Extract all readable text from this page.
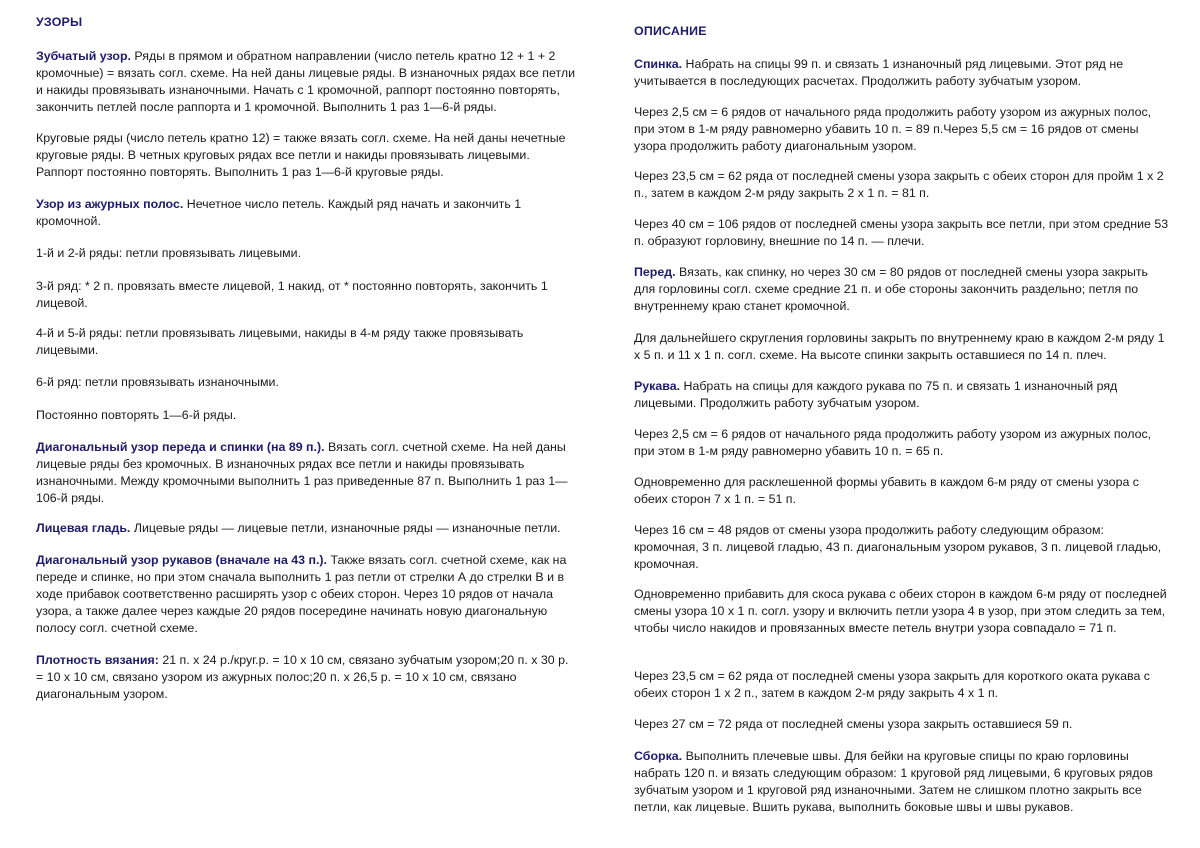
УЗОРЫ

Зубчатый узор. Ряды в прямом и обратном направлении (число петель кратно 12 + 1 + 2 кромочные) = вязать согл. схеме. На ней даны лицевые ряды. В изнаночных рядах все петли и накиды провязывать изнаночными. Начать с 1 кромочной, раппорт постоянно повторять, закончить петлей после раппорта и 1 кромочной. Выполнить 1 раз 1—6-й ряды.

Круговые ряды (число петель кратно 12) = также вязать согл. схеме. На ней даны нечетные круговые ряды. В четных круговых рядах все петли и накиды провязывать лицевыми. Раппорт постоянно повторять. Выполнить 1 раз 1—6-й круговые ряды.

Узор из ажурных полос. Нечетное число петель. Каждый ряд начать и закончить 1 кромочной.

1-й и 2-й ряды: петли провязывать лицевыми.

3-й ряд: * 2 п. провязать вместе лицевой, 1 накид, от * постоянно повторять, закончить 1 лицевой.

4-й и 5-й ряды: петли провязывать лицевыми, накиды в 4-м ряду также провязывать лицевыми.

6-й ряд: петли провязывать изнаночными.

Постоянно повторять 1—6-й ряды.

Диагональный узор переда и спинки (на 89 п.). Вязать согл. счетной схеме. На ней даны лицевые ряды без кромочных. В изнаночных рядах все петли и накиды провязывать изнаночными. Между кромочными выполнить 1 раз приведенные 87 п. Выполнить 1 раз 1—106-й ряды.

Лицевая гладь. Лицевые ряды — лицевые петли, изнаночные ряды — изнаночные петли.

Диагональный узор рукавов (вначале на 43 п.). Также вязать согл. счетной схеме, как на переде и спинке, но при этом сначала выполнить 1 раз петли от стрелки А до стрелки В и в ходе прибавок соответственно расширять узор с обеих сторон. Через 10 рядов от начала узора, а также далее через каждые 20 рядов посередине начинать новую диагональную полосу согл. счетной схеме.

Плотность вязания: 21 п. х 24 р./круг.р. = 10 х 10 см, связано зубчатым узором;20 п. х 30 р. = 10 х 10 см, связано узором из ажурных полос;20 п. х 26,5 р. = 10 х 10 см, связано диагональным узором.

ОПИСАНИЕ

Спинка. Набрать на спицы 99 п. и связать 1 изнаночный ряд лицевыми. Этот ряд не учитывается в последующих расчетах. Продолжить работу зубчатым узором.

Через 2,5 см = 6 рядов от начального ряда продолжить работу узором из ажурных полос, при этом в 1-м ряду равномерно убавить 10 п. = 89 п.Через 5,5 см = 16 рядов от смены узора продолжить работу диагональным узором.

Через 23,5 см = 62 ряда от последней смены узора закрыть с обеих сторон для пройм 1 х 2 п., затем в каждом 2-м ряду закрыть 2 х 1 п. = 81 п.

Через 40 см = 106 рядов от последней смены узора закрыть все петли, при этом средние 53 п. образуют горловину, внешние по 14 п. — плечи.

Перед. Вязать, как спинку, но через 30 см = 80 рядов от последней смены узора закрыть для горловины согл. схеме средние 21 п. и обе стороны закончить раздельно; петля по внутреннему краю станет кромочной.

Для дальнейшего скругления горловины закрыть по внутреннему краю в каждом 2-м ряду 1 х 5 п. и 11 х 1 п. согл. схеме. На высоте спинки закрыть оставшиеся по 14 п. плеч.

Рукава. Набрать на спицы для каждого рукава по 75 п. и связать 1 изнаночный ряд лицевыми. Продолжить работу зубчатым узором.

Через 2,5 см = 6 рядов от начального ряда продолжить работу узором из ажурных полос, при этом в 1-м ряду равномерно убавить 10 п. = 65 п.

Одновременно для расклешенной формы убавить в каждом 6-м ряду от смены узора с обеих сторон 7 х 1 п. = 51 п.

Через 16 см = 48 рядов от смены узора продолжить работу следующим образом: кромочная, 3 п. лицевой гладью, 43 п. диагональным узором рукавов, 3 п. лицевой гладью, кромочная.

Одновременно прибавить для скоса рукава с обеих сторон в каждом 6-м ряду от последней смены узора 10 х 1 п. согл. узору и включить петли узора 4 в узор, при этом следить за тем, чтобы число накидов и провязанных вместе петель внутри узора совпадало = 71 п.

Через 23,5 см = 62 ряда от последней смены узора закрыть для короткого оката рукава с обеих сторон 1 х 2 п., затем в каждом 2-м ряду закрыть 4 х 1 п.

Через 27 см = 72 ряда от последней смены узора закрыть оставшиеся 59 п.

Сборка. Выполнить плечевые швы. Для бейки на круговые спицы по краю горловины набрать 120 п. и вязать следующим образом: 1 круговой ряд лицевыми, 6 круговых рядов зубчатым узором и 1 круговой ряд изнаночными. Затем не слишком плотно закрыть все петли, как лицевые. Вшить рукава, выполнить боковые швы и швы рукавов.
